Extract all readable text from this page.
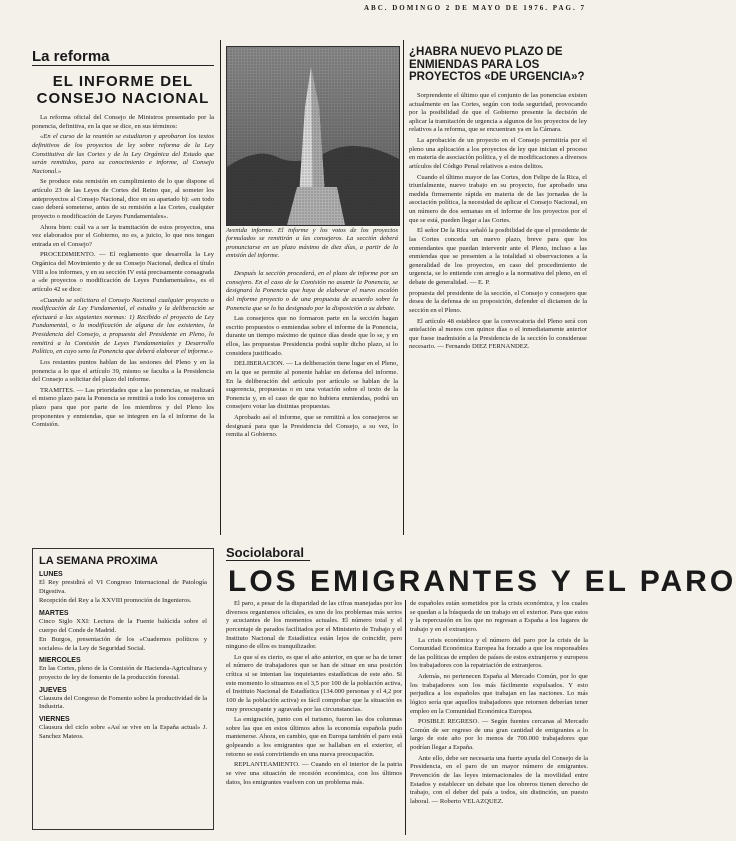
ABC. DOMINGO 2 DE MAYO DE 1976. PAG. 7
La reforma
EL INFORME DEL CONSEJO NACIONAL

La reforma oficial del Consejo de Ministros presentado por la ponencia, definitiva, en la que se dice, en sus términos:

«En el curso de la reunión se estudiaron y aprobaron los textos definitivos de los proyectos de ley sobre reforma de la Ley Constitutiva de las Cortes y de la Ley Orgánica del Estado que serán remitidos, para su conocimiento e informe, al Consejo Nacional.»

Se produce esta remisión en cumplimiento de lo que dispone el artículo 23 de las Leyes de Cortes del Reino que, al someter los anteproyectos al Consejo Nacional, dice en su apartado b): «en todo caso deberá someterse, antes de su remisión a las Cortes, cualquier proyecto o modificación de Leyes Fundamentales».

Ahora bien: cuál va a ser la tramitación de estos proyectos, una vez elaborados por el Gobierno, no es, a juicio, lo que nos tengan entrada en el Consejo?

PROCEDIMIENTO. — El reglamento que desarrolla la Ley Orgánica del Movimiento y de su Consejo Nacional, dedica el título VIII a los informes, y en su sección IV está precisamente consagrada a «de proyectos o modificación de Leyes Fundamentales», es el artículo 42 se dice:

«Cuando se solicitara el Consejo Nacional cualquier proyecto o modificación de Ley Fundamental, el estudio y la deliberación se efectuará a las siguientes normas: 1) Recibido el proyecto de Ley Fundamental, o la modificación de alguna de las existentes, la Presidencia del Consejo, a propuesta del Presidente en Pleno, lo remitirá a la Comisión de Leyes Fundamentales y Desarrollo Político, en cuyo seno la Ponencia que deberá elaborar el informe.»

Los restantes puntos hablan de las sesiones del Pleno y en la ponencia a lo que el artículo 39, mismo se faculta a la Presidencia del Consejo a solicitar del plazo del informe.

TRAMITES. — Las prioridades que a las ponencias, se realizará el mismo plazo para la Ponencia se remitirá a todo los consejeros un plazo para que por parte de los miembros y del Pleno los proponentes y enmiendas, que se integren en la el informe de la Comisión.

LA SEMANA PROXIMA
LUNES
El Rey presidirá el VI Congreso Internacional de Patología Digestiva.
Recepción del Rey a la XXVIII promoción de Ingenieros.
MARTES
Cinco Siglo XXI: Lectura de la Fuente balúcida sobre el cuerpo del Conde de Madrid.
En Burgos, presentación de los «Cuadernos políticos y sociales» de la Ley de Seguridad Social.
MIERCOLES
En las Cortes, pleno de la Comisión de Hacienda-Agricultura y proyecto de ley de fomento de la producción forestal.
JUEVES
Clausura del Congreso de Fomento sobre la productividad de la Industria.
VIERNES
Clausura del ciclo sobre «Así se vive en la España actual» J. Sanchez Mateos.
Avenida informe. El informe y los votos de los proyectos formulados se remitirán a las consejeros. La sección deberá pronunciarse en un plazo máximo de diez días, a partir de la emisión del informe.

Después la sección procederá, en el plazo de informe por un consejero. En el caso de la Comisión no asumir la Ponencia, se designará la Ponencia que haya de elaborar el nuevo escalón del informe proyecto o de una propuesta de acuerdo sobre la Ponencia que se lo ha designado por la disposición a su debate.

Las consejeros que no formaron parte en la sección hagan escrito propuestos o enmiendas sobre el informe de la Ponencia, durante un tiempo máximo de quince días desde que lo se, y en ellos, las propuestas Presidencia podrá suplir dicho plazo, si lo considera justificado.

DELIBERACION. — La deliberación tiene lugar en el Pleno, en la que se permite al ponente hablar en defensa del informe. En la deliberación del artículo por artículo se hablan de la sugerencia, propuestas o en una votación sobre el texto de la Ponencia y, en el caso de que no hubiera enmiendas, podrá un consejero votar las distintas propuestas.

Aprobado así el informe, que se remitirá a los consejeros se designará para que la Presidencia del Consejo, a su vez, lo remita al Gobierno.

¿HABRA NUEVO PLAZO DE ENMIENDAS PARA LOS PROYECTOS «DE URGENCIA»?

Sorprendente el último que el conjunto de las ponencias existen actualmente en las Cortes, según con toda seguridad, provocando por la posibilidad de que el Gobierno presente la decisión de aplicar la tramitación de urgencia a algunos de los proyectos de ley relativos a la reforma, que se encuentran ya en la Cámara.

La aprobación de un proyecto en el Consejo permitiría por el pleno una aplicación a los proyectos de ley que inician el proceso en materia de asociación política, y el de modificaciones a diversos artículos del Código Penal relativos a estos delitos.

Cuando el último mayor de las Cortes, don Felipe de la Rica, el triunfalmente, nuevo trabajo en su proyecto, fue aprobado una medida firmemente rápida en materia de de las jornadas de la asociación política, la necesidad de aplicar el Consejo Nacional, en un número de dos semanas en el informe de los proyectos por el que se está, pueden llegar a las Cortes.

El señor De la Rica señaló la posibilidad de que el presidente de las Cortes conceda un nuevo plazo, breve para que los enmendantes que puedan intervenir ante el Pleno, incluso a las enmiendas que se presenten a la totalidad si observaciones a la generalidad de los proyectos, en caso del procedimiento de urgencia, se lo entiende con arreglo a la normativa del pleno, en el debate de generalidad. — E. P.

propuesta del presidente de la sección, el Consejo y consejero que desea de la defensa de su proposición, defender el dictamen de la sección en el Pleno.

El artículo 48 establece que la convocatoria del Pleno será con antelación al menos con quince días o el inmediatamente anterior que fuese inadmisión a la Presidencia de la sección lo considerase necesario. — Fernando DIEZ FERNANDEZ.

Sociolaboral
LOS EMIGRANTES Y EL PARO

El paro, a pesar de la disparidad de las cifras manejadas por los diversos organismos oficiales, es uno de los problemas más serios y acuciantes de los momentos actuales. El número total y el porcentaje de parados facilitados por el Ministerio de Trabajo y el Instituto Nacional de Estadística están lejos de coincidir, pero ninguno de ellos es tranquilizador.

Lo que sí es cierto, es que el año anterior, en que se ha de tener el número de trabajadores que se han de situar en una posición crítica si se intentan las inquietantes estadísticas de este año. Si este momento lo situamos en el 3,5 por 100 de la población activa, el Instituto Nacional de Estadística (134.000 personas y el 4,2 por 100 de la población activa) es fácil comprobar que la situación es muy preocupante y agravada por las circunstancias.

La emigración, junto con el turismo, fueron las dos columnas sobre las que en estos últimos años la economía española pudo mantenerse. Ahora, en cambio, que en Europa también el paro está golpeando a los emigrantes que se hallaban en el exterior, el retorno se está convirtiendo en una nueva preocupación.

REPLANTEAMIENTO. — Cuando en el interior de la patria se vive una situación de recesión económica, con los últimos datos, los emigrantes vuelven con un problema más.

de españoles están sometidos por la crisis económica, y los cuales se quedan a la búsqueda de un trabajo en el exterior. Para que estos y la repercusión en los que no regresan a España a los lugares de trabajo y en el extranjero.

La crisis económica y el número del paro por la crisis de la Comunidad Económica Europea ha forzado a que los responsables de las políticas de empleo de países de estos extranjeros y europeos los trabajadores con la repatriación de extranjeros.

Además, no pertenecen España al Mercado Común, por lo que los trabajadores son los más fácilmente expulsados. Y esto perjudica a los españoles que trabajan en las naciones. Lo más lógico sería que aquellos trabajadores que retornen deberían tener empleo en la Comunidad Económica Europea.

POSIBLE REGRESO. — Según fuentes cercanas al Mercado Común de ser regreso de una gran cantidad de emigrantes a lo largo de este año por lo menos de 700.000 trabajadores que podrían llegar a España.

Ante ello, debe ser necesaria una fuerte ayuda del Consejo de la Presidencia, en el paro de un mayor número de emigrantes. Prevención de las leyes internacionales de la movilidad entre Estados y establecer un debate que los obreros tienen derecho de trabajo, con el deber del país a todos, sin distinción, un puesto laboral. — Roberto VELAZQUEZ.
